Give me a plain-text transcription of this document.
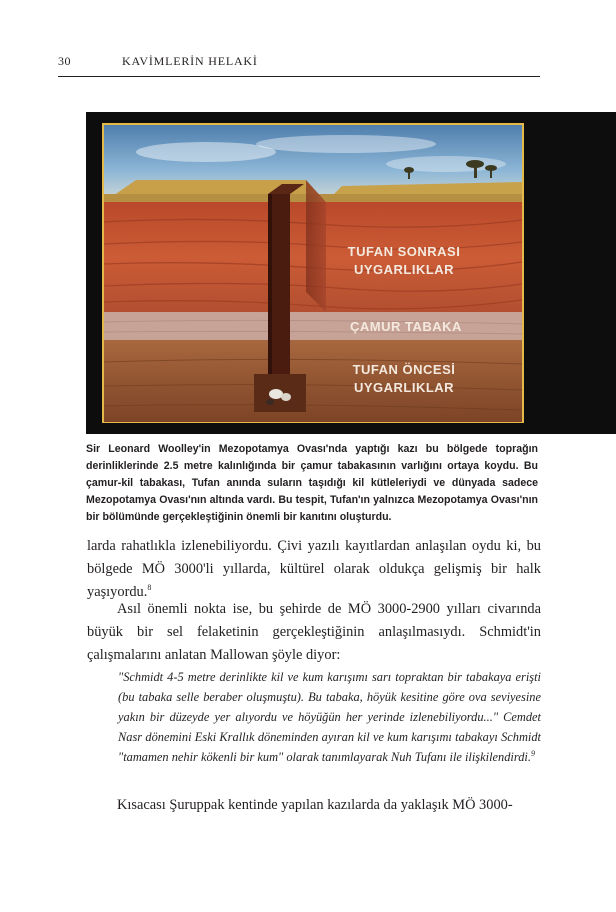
30	KAVİMLERİN HELAKİ
TUFAN SONRASI
UYGARLIKLAR
ÇAMUR TABAKA
TUFAN ÖNCESİ
UYGARLIKLAR
Sir Leonard Woolley'in Mezopotamya Ovası'nda yaptığı kazı bu bölgede toprağın derinliklerinde 2.5 metre kalınlığında bir çamur tabakasının varlığını ortaya koydu. Bu çamur-kil tabakası, Tufan anında suların taşıdığı kil kütleleriydi ve dünyada sadece Mezopotamya Ovası'nın altında vardı. Bu tespit, Tufan'ın yalnızca Mezopotamya Ovası'nın bir bölümünde gerçekleştiğinin önemli bir kanıtını oluşturdu.

larda rahatlıkla izlenebiliyordu. Çivi yazılı kayıtlardan anlaşılan oydu ki, bu bölgede MÖ 3000'li yıllarda, kültürel olarak oldukça gelişmiş bir halk yaşıyordu.$^8$

Asıl önemli nokta ise, bu şehirde de MÖ 3000-2900 yılları civarında büyük bir sel felaketinin gerçekleştiğinin anlaşılmasıydı. Schmidt'in çalışmalarını anlatan Mallowan şöyle diyor:

"Schmidt 4-5 metre derinlikte kil ve kum karışımı sarı topraktan bir tabakaya erişti (bu tabaka selle beraber oluşmuştu). Bu tabaka, höyük kesitine göre ova seviyesine yakın bir düzeyde yer alıyordu ve höyüğün her yerinde izlenebiliyordu..." Cemdet Nasr dönemini Eski Krallık döneminden ayıran kil ve kum karışımı tabakayı Schmidt "tamamen nehir kökenli bir kum" olarak tanımlayarak Nuh Tufanı ile ilişkilendirdi.$^9$

Kısacası Şuruppak kentinde yapılan kazılarda da yaklaşık MÖ 3000-
